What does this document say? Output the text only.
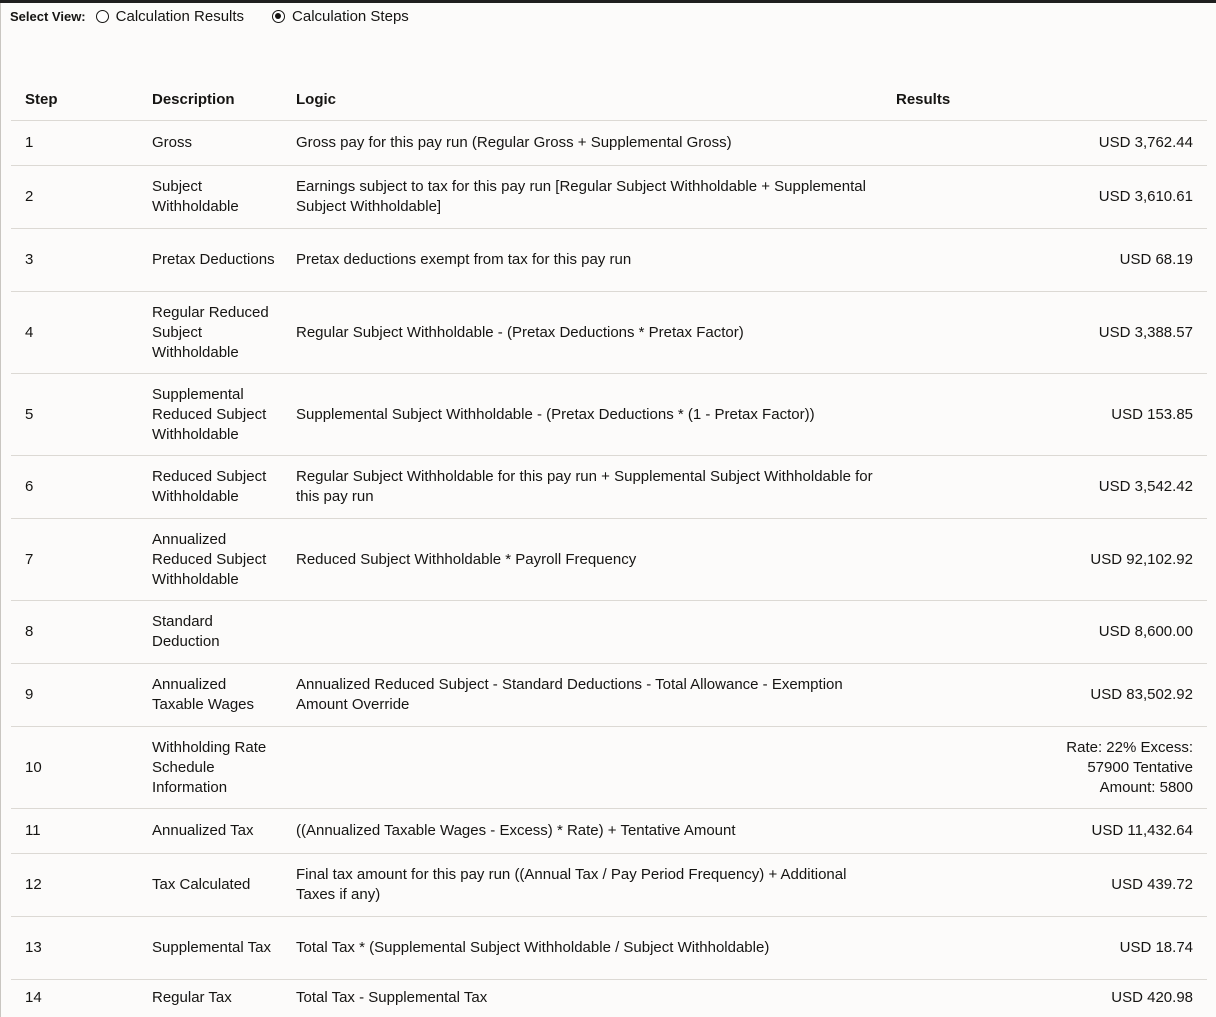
Select View: Calculation Results	Calculation Steps
Step	Description	Logic	Results
1	Gross	Gross pay for this pay run (Regular Gross + Supplemental Gross)	USD 3,762.44
2	Subject Withholdable	Earnings subject to tax for this pay run [Regular Subject Withholdable + Supplemental Subject Withholdable]	USD 3,610.61
3	Pretax Deductions	Pretax deductions exempt from tax for this pay run	USD 68.19
4	Regular Reduced Subject Withholdable	Regular Subject Withholdable - (Pretax Deductions * Pretax Factor)	USD 3,388.57
5	Supplemental Reduced Subject Withholdable	Supplemental Subject Withholdable - (Pretax Deductions * (1 - Pretax Factor))	USD 153.85
6	Reduced Subject Withholdable	Regular Subject Withholdable for this pay run + Supplemental Subject Withholdable for this pay run	USD 3,542.42
7	Annualized Reduced Subject Withholdable	Reduced Subject Withholdable * Payroll Frequency	USD 92,102.92
8	Standard Deduction		USD 8,600.00
9	Annualized Taxable Wages	Annualized Reduced Subject - Standard Deductions - Total Allowance - Exemption Amount Override	USD 83,502.92
10	Withholding Rate Schedule Information		Rate: 22% Excess: 57900 Tentative Amount: 5800
11	Annualized Tax	((Annualized Taxable Wages - Excess) * Rate) + Tentative Amount	USD 11,432.64
12	Tax Calculated	Final tax amount for this pay run ((Annual Tax / Pay Period Frequency) + Additional Taxes if any)	USD 439.72
13	Supplemental Tax	Total Tax * (Supplemental Subject Withholdable / Subject Withholdable)	USD 18.74
14	Regular Tax	Total Tax - Supplemental Tax	USD 420.98
